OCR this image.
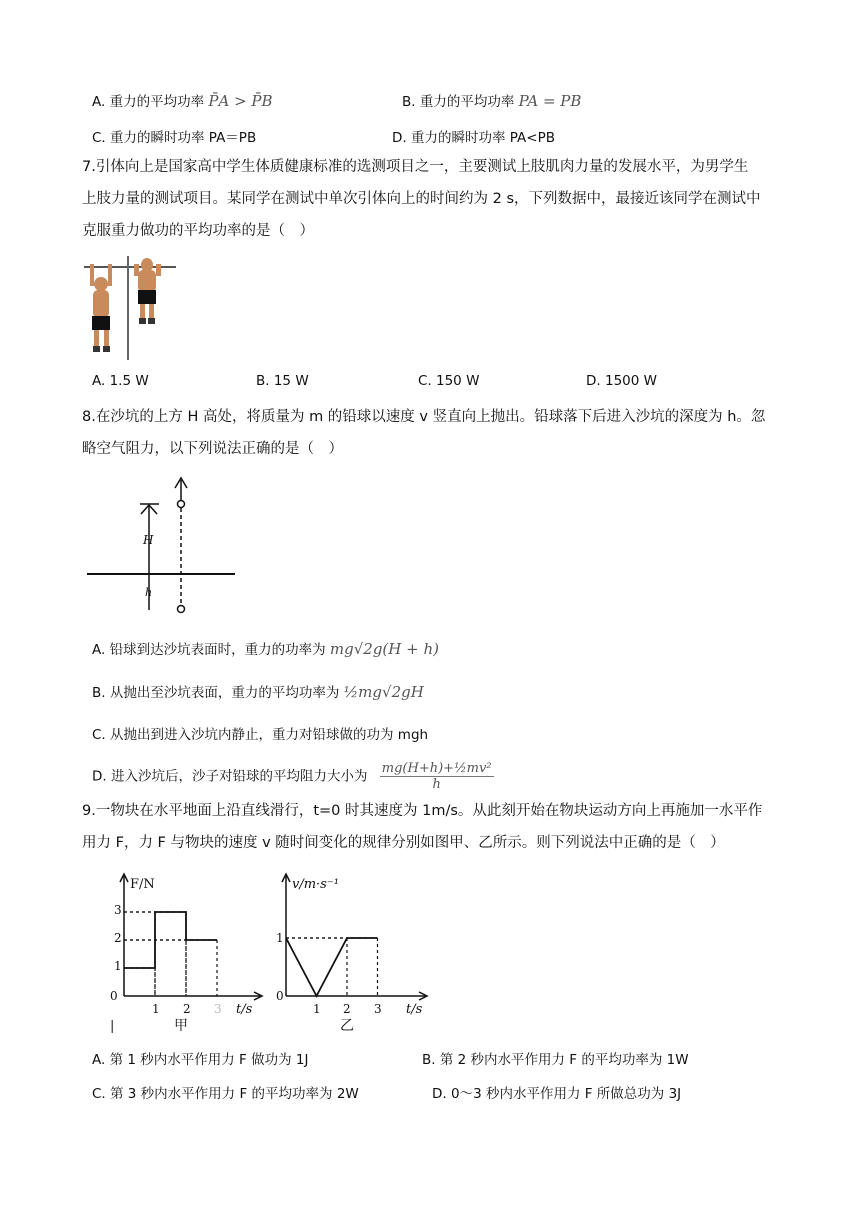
A. 重力的平均功率 P̄A > P̄B	B. 重力的平均功率 PA = PB
C. 重力的瞬时功率 PA＝PB	D. 重力的瞬时功率 PA<PB
7.引体向上是国家高中学生体质健康标准的选测项目之一，主要测试上肢肌肉力量的发展水平，为男学生
上肢力量的测试项目。某同学在测试中单次引体向上的时间约为 2 s，下列数据中，最接近该同学在测试中
克服重力做功的平均功率的是（　）
A. 1.5 W	B. 15 W	C. 150 W	D. 1500 W
8.在沙坑的上方 H 高处，将质量为 m 的铅球以速度 v 竖直向上抛出。铅球落下后进入沙坑的深度为 h。忽
略空气阻力，以下列说法正确的是（　）
H
h
A. 铅球到达沙坑表面时，重力的功率为 mg√2g(H + h)
B. 从抛出至沙坑表面，重力的平均功率为 ½mg√2gH
C. 从抛出到进入沙坑内静止，重力对铅球做的功为 mgh
D. 进入沙坑后，沙子对铅球的平均阻力大小为 $\frac{\text{mg(H+h)+½mv²}}{h}$
9.一物块在水平地面上沿直线滑行，t=0 时其速度为 1m/s。从此刻开始在物块运动方向上再施加一水平作
用力 F，力 F 与物块的速度 v 随时间变化的规律分别如图甲、乙所示。则下列说法中正确的是（　）
F/N
t/s
0
1 2 3
1
2
3
甲
|
v/m·s⁻¹
t/s
0
1 2 3
1
乙
A. 第 1 秒内水平作用力 F 做功为 1J	B. 第 2 秒内水平作用力 F 的平均功率为 1W
C. 第 3 秒内水平作用力 F 的平均功率为 2W	D. 0～3 秒内水平作用力 F 所做总功为 3J
